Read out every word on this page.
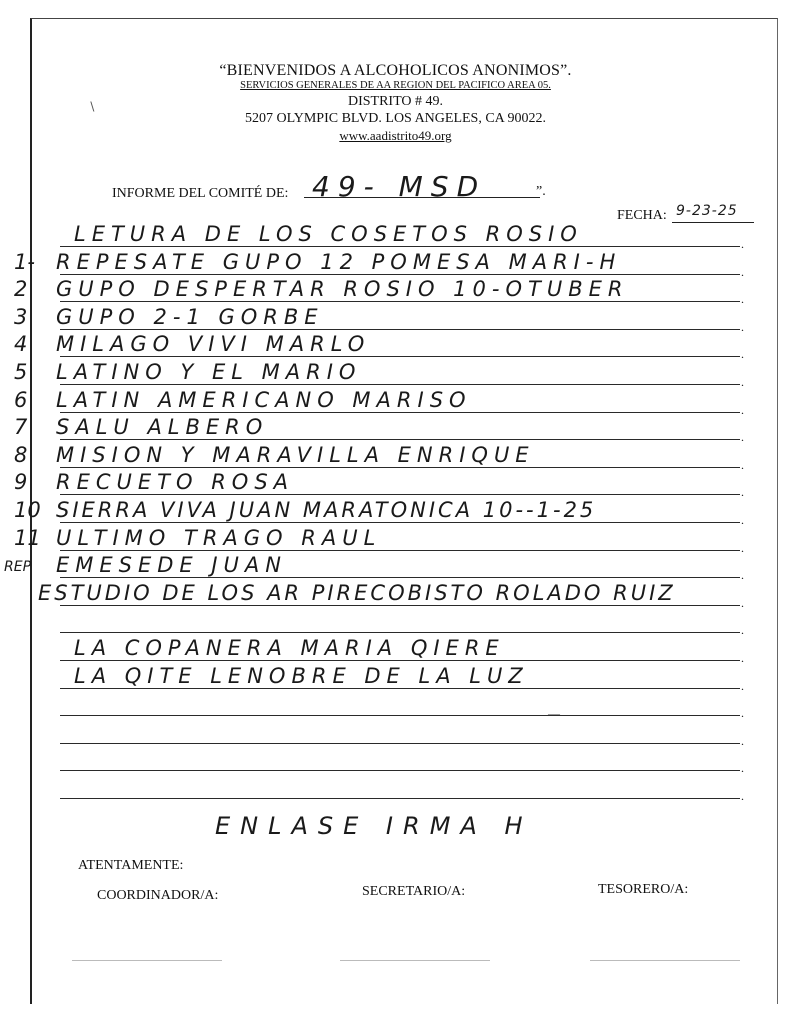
“BIENVENIDOS A ALCOHOLICOS ANONIMOS”.
SERVICIOS GENERALES DE AA REGION DEL PACIFICO AREA 05.
DISTRITO # 49.
5207 OLYMPIC BLVD. LOS ANGELES, CA 90022.
www.aadistrito49.org
INFORME DEL COMITÉ DE: 49- MSD	”.
FECHA: 9-23-25
.
.
.
.
.
.
.
.
.
.
.
.
.
.
.
.
.
.
.
.
.
LETURA DE LOS COSETOS ROSIO
1- REPESATE GUPO 12 POMESA MARI-H
2 GUPO DESPERTAR ROSIO 10-OTUBER
3 GUPO 2-1 GORBE
4 MILAGO VIVI MARLO
5 LATINO Y EL MARIO
6 LATIN AMERICANO MARISO
7 SALU ALBERO
8 MISION Y MARAVILLA ENRIQUE
9 RECUETO ROSA
10 SIERRA VIVA JUAN MARATONICA 10--1-25
11 ULTIMO TRAGO RAUL
REP EMESEDE JUAN
ESTUDIO DE LOS AR PIRECOBISTO ROLADO RUIZ
LA COPANERA MARIA QIERE
LA QITE LENOBRE DE LA LUZ
ENLASE IRMA H
ATENTAMENTE:
COORDINADOR/A:	SECRETARIO/A:	TESORERO/A:
∖
—
